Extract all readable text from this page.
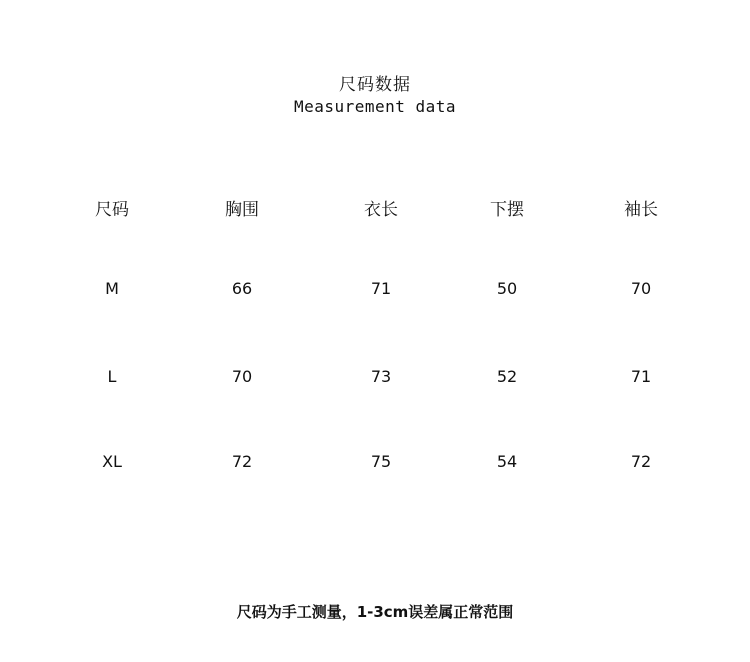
尺码数据
Measurement data
尺码	胸围	衣长	下摆	袖长
M	66	71	50	70
L	70	73	52	71
XL	72	75	54	72
尺码为手工测量，1-3cm误差属正常范围
